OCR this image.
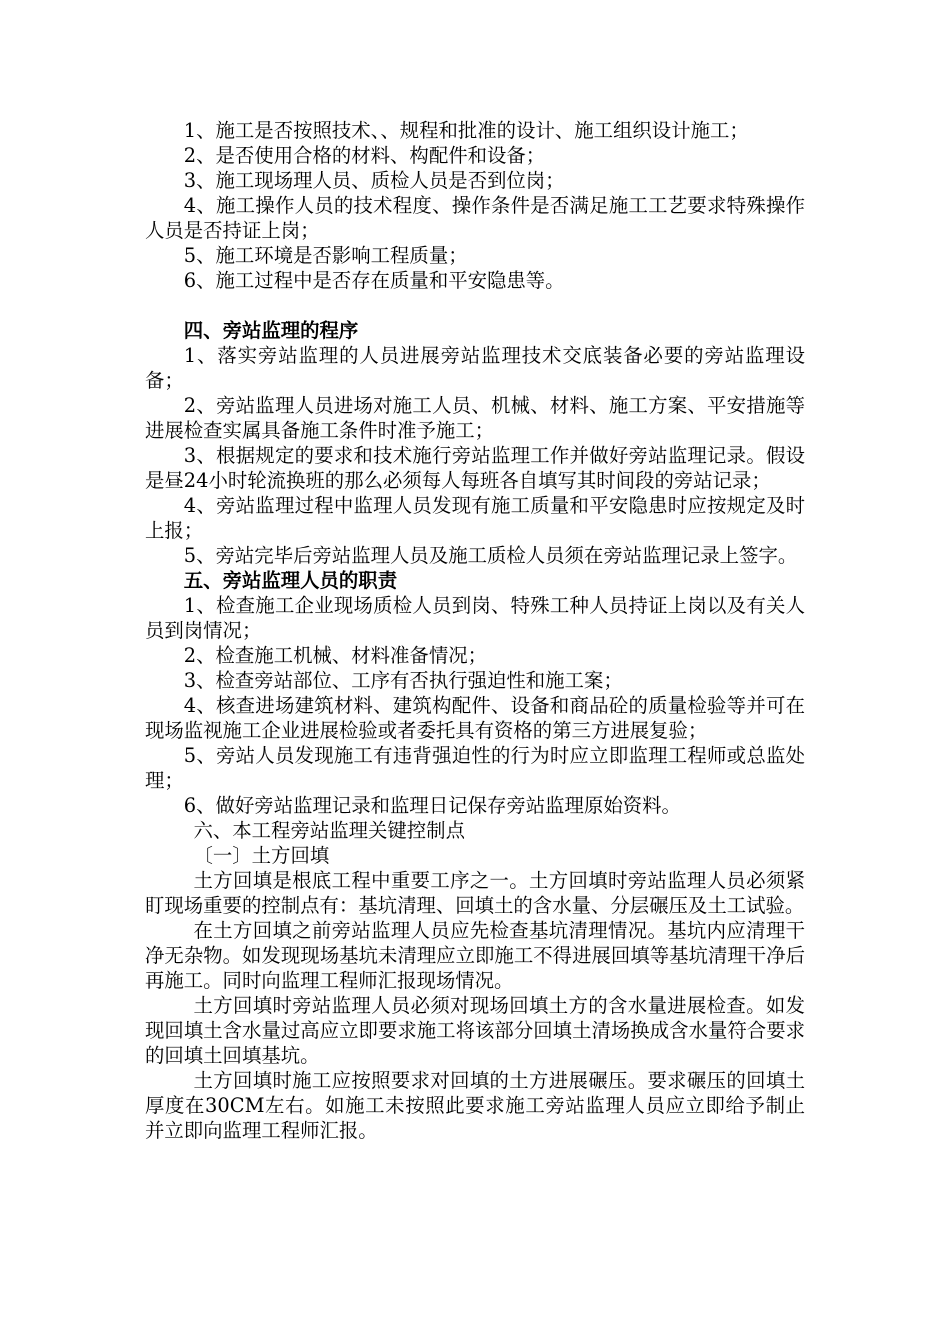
1、施工是否按照技术、、规程和批准的设计、施工组织设计施工；

2、是否使用合格的材料、构配件和设备；

3、施工现场理人员、质检人员是否到位岗；

4、施工操作人员的技术程度、操作条件是否满足施工工艺要求特殊操作人员是否持证上岗；

5、施工环境是否影响工程质量；

6、施工过程中是否存在质量和平安隐患等。

四、旁站监理的程序

1、落实旁站监理的人员进展旁站监理技术交底装备必要的旁站监理设备；

2、旁站监理人员进场对施工人员、机械、材料、施工方案、平安措施等进展检查实属具备施工条件时准予施工；

3、根据规定的要求和技术施行旁站监理工作并做好旁站监理记录。假设是昼24小时轮流换班的那么必须每人每班各自填写其时间段的旁站记录；

4、旁站监理过程中监理人员发现有施工质量和平安隐患时应按规定及时上报；

5、旁站完毕后旁站监理人员及施工质检人员须在旁站监理记录上签字。

五、旁站监理人员的职责

1、检查施工企业现场质检人员到岗、特殊工种人员持证上岗以及有关人员到岗情况；

2、检查施工机械、材料准备情况；

3、检查旁站部位、工序有否执行强迫性和施工案；

4、核查进场建筑材料、建筑构配件、设备和商品砼的质量检验等并可在现场监视施工企业进展检验或者委托具有资格的第三方进展复验；

5、旁站人员发现施工有违背强迫性的行为时应立即监理工程师或总监处理；

6、做好旁站监理记录和监理日记保存旁站监理原始资料。

六、本工程旁站监理关键控制点

〔一〕土方回填

土方回填是根底工程中重要工序之一。土方回填时旁站监理人员必须紧盯现场重要的控制点有：基坑清理、回填土的含水量、分层碾压及土工试验。

在土方回填之前旁站监理人员应先检查基坑清理情况。基坑内应清理干净无杂物。如发现现场基坑未清理应立即施工不得进展回填等基坑清理干净后再施工。同时向监理工程师汇报现场情况。

土方回填时旁站监理人员必须对现场回填土方的含水量进展检查。如发现回填土含水量过高应立即要求施工将该部分回填土清场换成含水量符合要求的回填土回填基坑。

土方回填时施工应按照要求对回填的土方进展碾压。要求碾压的回填土厚度在30CM左右。如施工未按照此要求施工旁站监理人员应立即给予制止并立即向监理工程师汇报。
